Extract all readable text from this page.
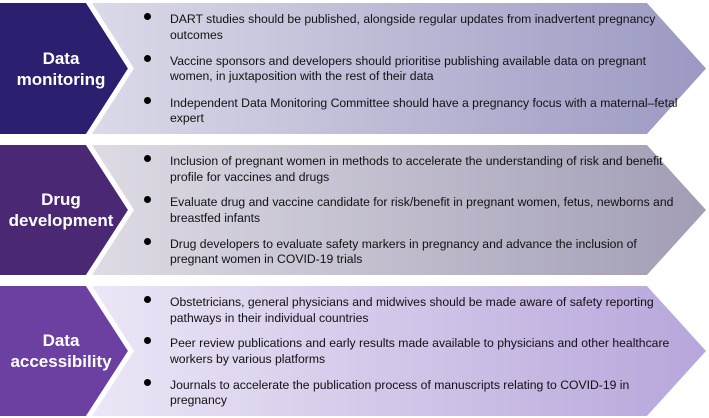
Data
monitoring
DART studies should be published, alongside regular updates from inadvertent pregnancy outcomes
Vaccine sponsors and developers should prioritise publishing available data on pregnant women, in juxtaposition with the rest of their data
Independent Data Monitoring Committee should have a pregnancy focus with a maternal–fetal expert
Drug
development
Inclusion of pregnant women in methods to accelerate the understanding of risk and benefit profile for vaccines and drugs
Evaluate drug and vaccine candidate for risk/benefit in pregnant women, fetus, newborns and breastfed infants
Drug developers to evaluate safety markers in pregnancy and advance the inclusion of pregnant women in COVID-19 trials
Data
accessibility
Obstetricians, general physicians and midwives should be made aware of safety reporting pathways in their individual countries
Peer review publications and early results made available to physicians and other healthcare workers by various platforms
Journals to accelerate the publication process of manuscripts relating to COVID-19 in pregnancy
